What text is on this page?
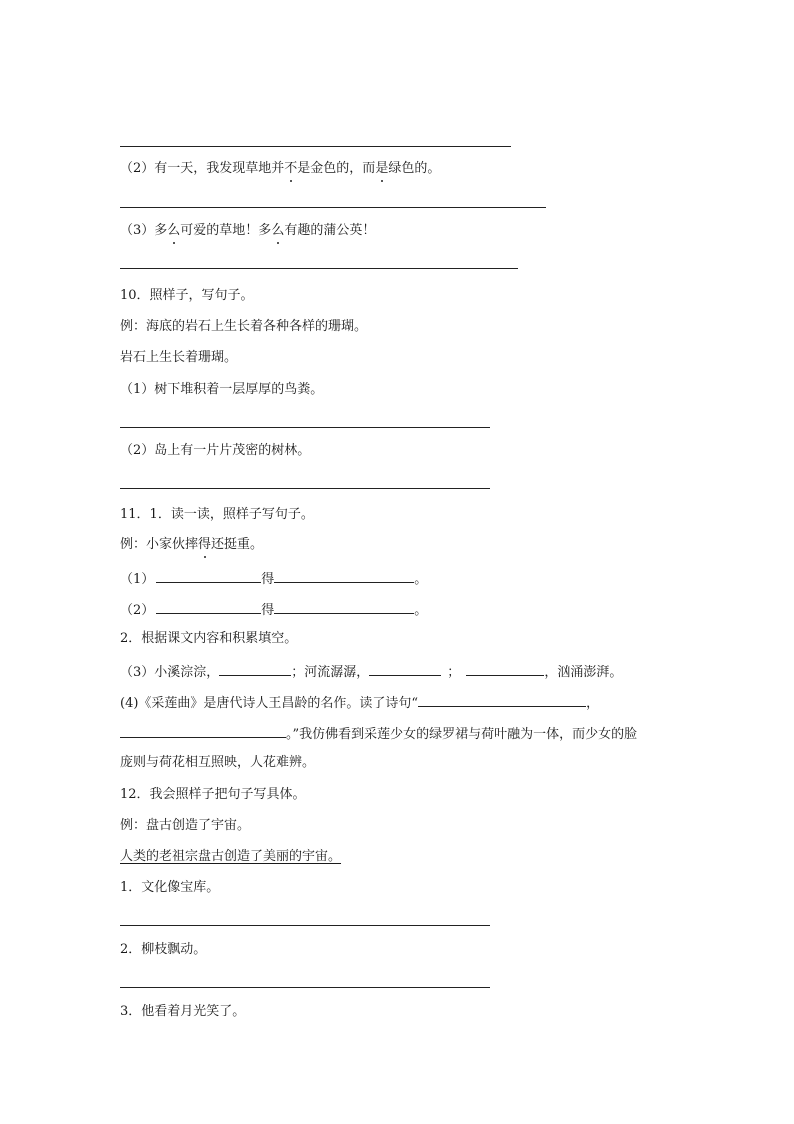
（2）有一天，我发现草地并不是金色的，而是绿色的。
（3）多么可爱的草地！多么有趣的蒲公英！
10．照样子，写句子。
例：海底的岩石上生长着各种各样的珊瑚。
岩石上生长着珊瑚。
（1）树下堆积着一层厚厚的鸟粪。
（2）岛上有一片片茂密的树林。
11．1．读一读，照样子写句子。
例：小家伙摔得还挺重。
（1）	得	。
（2）	得	。
2．根据课文内容和积累填空。
（3）小溪淙淙，	；河流潺潺，	；	，汹涌澎湃。
(4)《采莲曲》是唐代诗人王昌龄的名作。读了诗句“	，
。”我仿佛看到采莲少女的绿罗裙与荷叶融为一体，而少女的脸
庞则与荷花相互照映，人花难辨。
12．我会照样子把句子写具体。
例：盘古创造了宇宙。
人类的老祖宗盘古创造了美丽的宇宙。
1．文化像宝库。
2．柳枝飘动。
3．他看着月光笑了。
